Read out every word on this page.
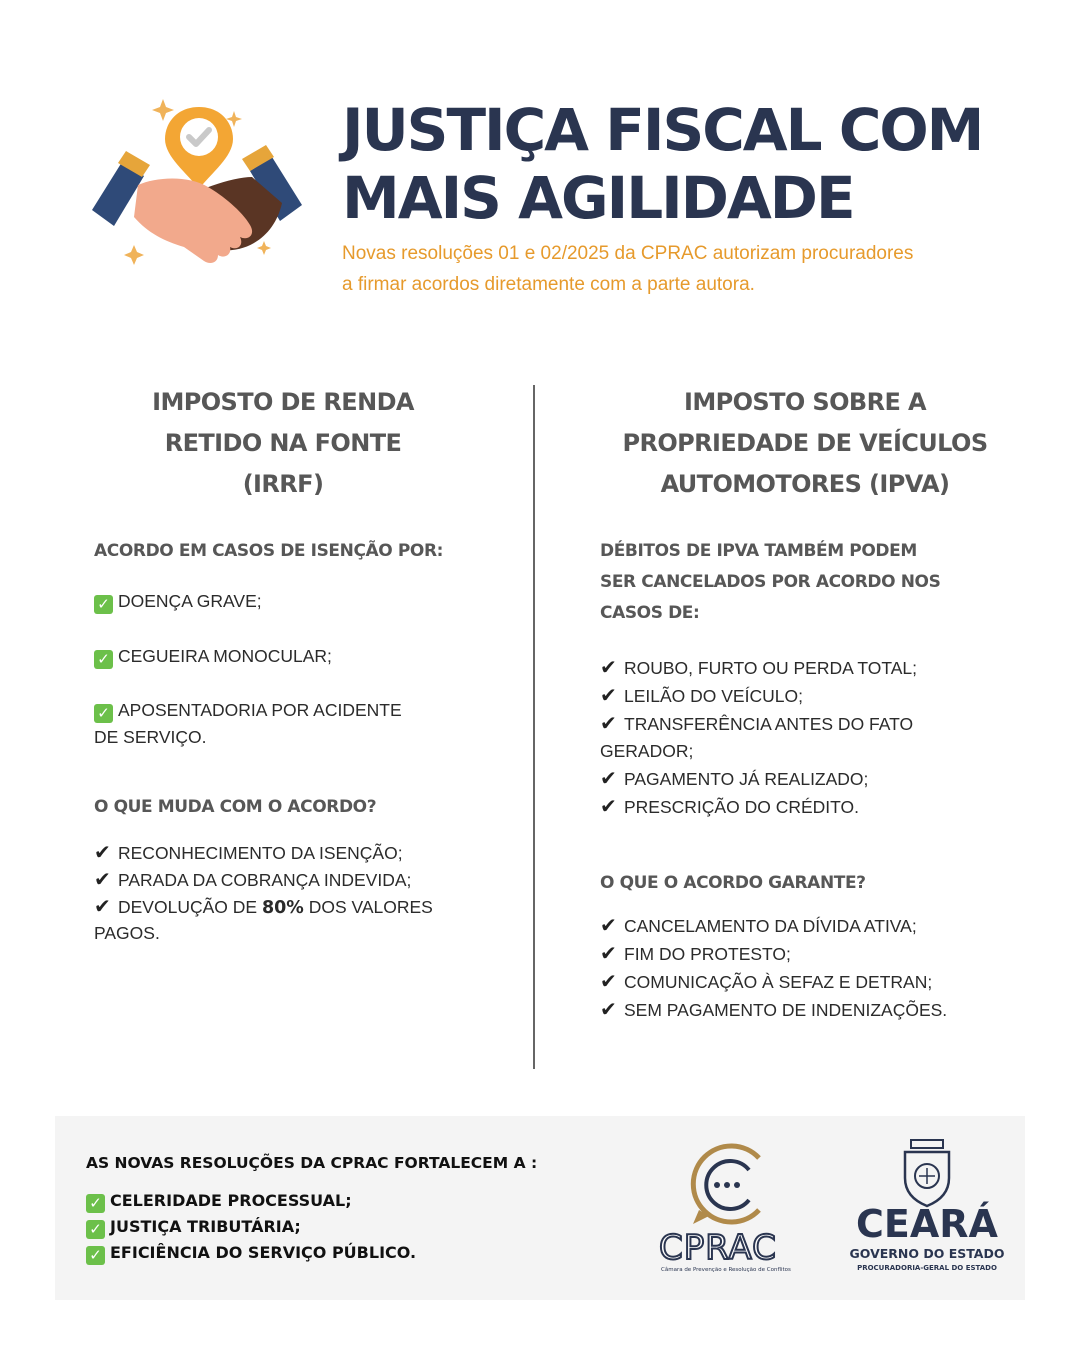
JUSTIÇA FISCAL COM
MAIS AGILIDADE
Novas resoluções 01 e 02/2025 da CPRAC autorizam procuradores
a firmar acordos diretamente com a parte autora.
IMPOSTO DE RENDA
RETIDO NA FONTE
(IRRF)
ACORDO EM CASOS DE ISENÇÃO POR:
✓ DOENÇA GRAVE;
✓ CEGUEIRA MONOCULAR;
✓ APOSENTADORIA POR ACIDENTE
DE SERVIÇO.
O QUE MUDA COM O ACORDO?
✔ RECONHECIMENTO DA ISENÇÃO;
✔ PARADA DA COBRANÇA INDEVIDA;
✔ DEVOLUÇÃO DE 80% DOS VALORES
PAGOS.
IMPOSTO SOBRE A
PROPRIEDADE DE VEÍCULOS
AUTOMOTORES (IPVA)
DÉBITOS DE IPVA TAMBÉM PODEM
SER CANCELADOS POR ACORDO NOS
CASOS DE:
✔ ROUBO, FURTO OU PERDA TOTAL;
✔ LEILÃO DO VEÍCULO;
✔ TRANSFERÊNCIA ANTES DO FATO
GERADOR;
✔ PAGAMENTO JÁ REALIZADO;
✔ PRESCRIÇÃO DO CRÉDITO.
O QUE O ACORDO GARANTE?
✔ CANCELAMENTO DA DÍVIDA ATIVA;
✔ FIM DO PROTESTO;
✔ COMUNICAÇÃO À SEFAZ E DETRAN;
✔ SEM PAGAMENTO DE INDENIZAÇÕES.
AS NOVAS RESOLUÇÕES DA CPRAC FORTALECEM A :
✓ CELERIDADE PROCESSUAL;
✓ JUSTIÇA TRIBUTÁRIA;
✓ EFICIÊNCIA DO SERVIÇO PÚBLICO.	CPRAC
Câmara de Prevenção e Resolução de Conflitos
CEARÁ
GOVERNO DO ESTADO
PROCURADORIA-GERAL DO ESTADO
